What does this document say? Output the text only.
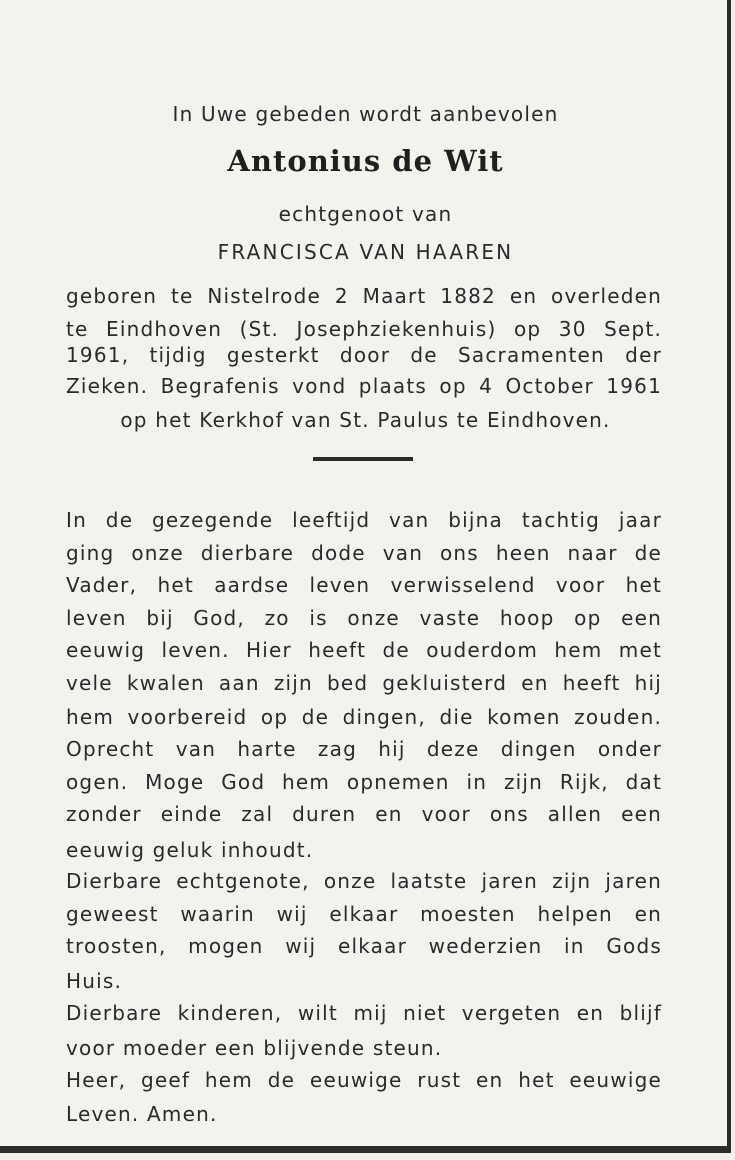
In Uwe gebeden wordt aanbevolen
Antonius de Wit
echtgenoot van
FRANCISCA VAN HAAREN
geboren te Nistelrode 2 Maart 1882 en overleden
te Eindhoven (St. Josephziekenhuis) op 30 Sept.
1961, tijdig gesterkt door de Sacramenten der
Zieken. Begrafenis vond plaats op 4 October 1961
op het Kerkhof van St. Paulus te Eindhoven.
In de gezegende leeftijd van bijna tachtig jaar
ging onze dierbare dode van ons heen naar de
Vader, het aardse leven verwisselend voor het
leven bij God, zo is onze vaste hoop op een
eeuwig leven. Hier heeft de ouderdom hem met
vele kwalen aan zijn bed gekluisterd en heeft hij
hem voorbereid op de dingen, die komen zouden.
Oprecht van harte zag hij deze dingen onder
ogen. Moge God hem opnemen in zijn Rijk, dat
zonder einde zal duren en voor ons allen een
eeuwig geluk inhoudt.
Dierbare echtgenote, onze laatste jaren zijn jaren
geweest waarin wij elkaar moesten helpen en
troosten, mogen wij elkaar wederzien in Gods
Huis.
Dierbare kinderen, wilt mij niet vergeten en blijf
voor moeder een blijvende steun.
Heer, geef hem de eeuwige rust en het eeuwige
Leven. Amen.
